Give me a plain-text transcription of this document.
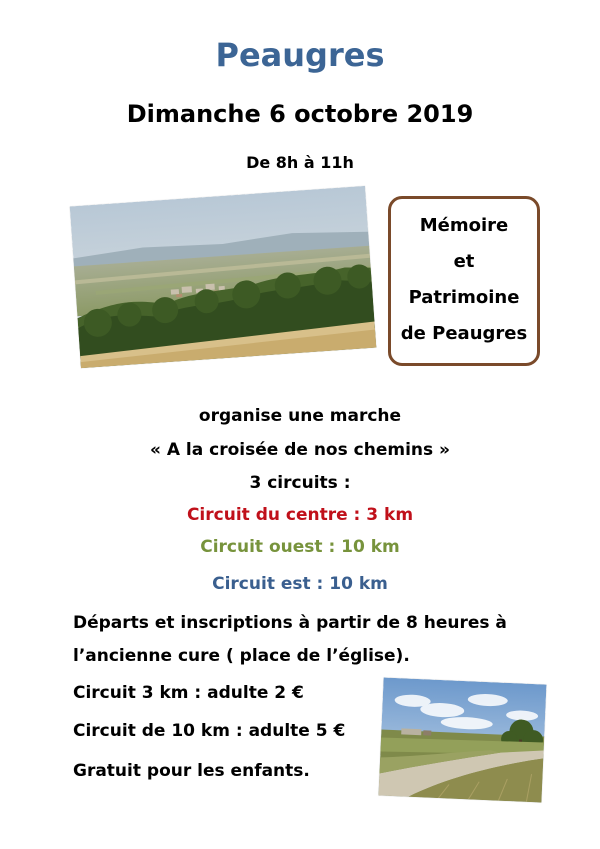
Peaugres
Dimanche 6 octobre 2019
De 8h à 11h
Mémoire
et
Patrimoine
de Peaugres
organise une marche
« A la croisée de nos chemins »
3 circuits :
Circuit du centre : 3 km
Circuit ouest : 10 km
Circuit est : 10 km
Départs et inscriptions à partir de 8 heures à
l’ancienne cure ( place de l’église).
Circuit 3 km : adulte 2 €
Circuit de 10 km : adulte 5 €
Gratuit pour les enfants.
